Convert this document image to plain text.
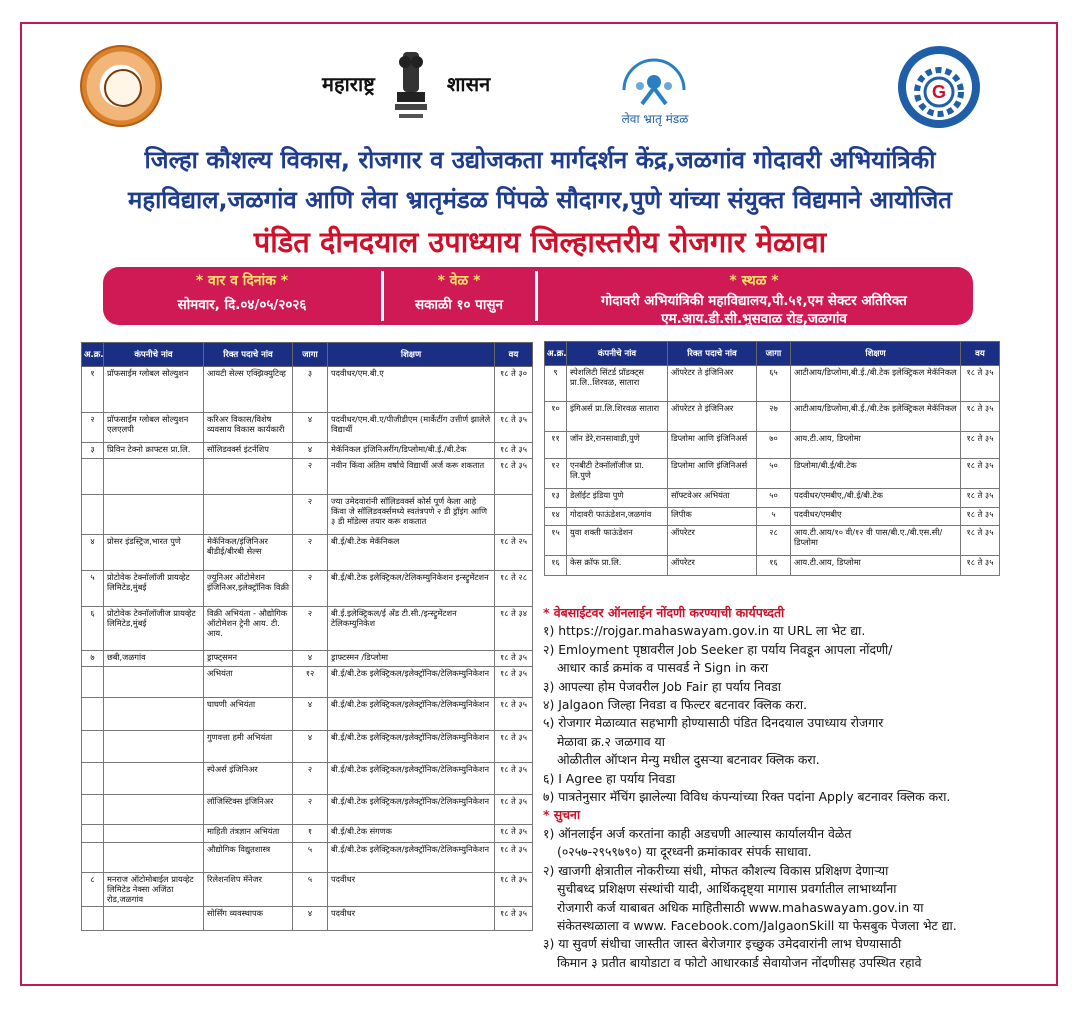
महाराष्ट्र	शासन
लेवा भ्रातृ मंडळ
G
जिल्हा कौशल्य विकास, रोजगार व उद्योजकता मार्गदर्शन केंद्र,जळगांव गोदावरी अभियांत्रिकी
महाविद्याल,जळगांव आणि लेवा भ्रातृमंडळ पिंपळे सौदागर,पुणे यांच्या संयुक्त विद्यमाने आयोजित
पंडित दीनदयाल उपाध्याय जिल्हास्तरीय रोजगार मेळावा
* वार व दिनांक *
सोमवार, दि.०४/०५/२०२६
* वेळ *
सकाळी १० पासुन
* स्थळ *
गोदावरी अभियांत्रिकी महाविद्यालय,पी.५१,एम सेक्टर अतिरिक्त
एम.आय.डी.सी.भुसवाळ रोड,जळगांव
अ.क्र.	कंपनीचे नांव	रिक्त पदाचे नांव	जागा	शिक्षण	वय
१	प्रॉफसाईम ग्लोबल सोल्युशन	आयटी सेल्स एक्झिक्युटिव्ह	३	पदवीधर/एम.बी.ए	१८ ते ३०
२	प्रॉफसाईम ग्लोबल सोल्युशन एलएलपी	करिअर विकास/विशेष व्यवसाय विकास कार्यकारी	४	पदवीधर/एम.बी.ए/पीजीडीएम (मार्केटींग उत्तीर्ण झालेले विद्यार्थी	१८ ते ३५
३	प्रिविन टेक्नो क्राफ्टस प्रा.लि.	सॉलिडवर्क्स इंटर्नशिप	४	मेकॅनिकल इंजिनिअरींग/डिप्लोमा/बी.ई./बी.टेक	१८ ते ३५
			२	नवीन किंवा अंतिम वर्षाचे विद्यार्थी अर्ज करू शकतात	१८ ते ३५
			२	ज्या उमेदवारांनी सॉलिडवर्क्स कोर्स पूर्ण केला आहे किंवा जे सॉलिडवर्क्समध्ये स्वतंत्रपणे २ डी ड्रॉइंग आणि ३ डी मॉडेल्स तयार करू शकतात	
४	प्रोसर इंडस्ट्रिज,भारत पुणे	मेकॅनिकल/इंजिनिअर बीडीई/बीरबी सेल्स	२	बी.ई/बी.टेक मेकॅनिकल	१८ ते २५
५	प्रोटोवेक टेक्नॉलॉजी प्रायव्हेट लिमिटेड,मुंबई	ज्युनिअर ऑटोमेशन इंजिनिअर,इलेक्ट्रॉनिक विक्री	२	बी.ई/बी.टेक इलेक्ट्रिकल/टेलिकम्युनिकेशन इन्स्ट्रुमेंटशन	१८ ते २८
६	प्रोटोवेक टेक्नॉलॉजीज प्रायव्हेट लिमिटेड,मुंबई	विक्री अभियंता - औद्योगिक ऑटोमेशन ट्रेनी आय. टी. आय.	२	बी.ई.इलेक्ट्रिकल/ई अँड टी.सी./इन्स्ट्रुमेंटशन टेलिकम्युनिकेश	१८ ते ३४
७	छबी,जळगांव	ड्राफ्ट्समन	४	ड्राफ्टस्मन /डिप्लोमा	१८ ते ३५
		अभियंता	१२	बी.ई/बी.टेक इलेक्ट्रिकल/इलेक्ट्रॉनिक/टेलिकम्युनिकेशन	१८ ते ३५
		घाघणी अभियंता	४	बी.ई/बी.टेक इलेक्ट्रिकल/इलेक्ट्रॉनिक/टेलिकम्युनिकेशन	१८ ते ३५
		गुणवत्ता हमी अभियंता	४	बी.ई/बी.टेक इलेक्ट्रिकल/इलेक्ट्रॉनिक/टेलिकम्युनिकेशन	१८ ते ३५
		स्पेअर्स इंजिनिअर	२	बी.ई/बी.टेक इलेक्ट्रिकल/इलेक्ट्रॉनिक/टेलिकम्युनिकेशन	१८ ते ३५
		लॉजिस्टिक्स इंजिनिअर	२	बी.ई/बी.टेक इलेक्ट्रिकल/इलेक्ट्रॉनिक/टेलिकम्युनिकेशन	१८ ते ३५
		माहिती तंत्रज्ञान अभियंता	१	बी.ई/बी.टेक संगणक	१८ ते ३५
		औद्योगिक विद्युतशास्त्र	५	बी.ई/बी.टेक इलेक्ट्रिकल/इलेक्ट्रॉनिक/टेलिकम्युनिकेशन	१८ ते ३५
८	मनराज ऑटोमोबाईल प्रायव्हेट लिमिटेड नेक्सा अजिंठा रोड,जळगांव	रिलेशनशिप मॅनेजर	५	पदवीधर	१८ ते ३५
		सोर्सिंग व्यवस्थापक	४	पदवीधर	१८ ते ३५
अ.क्र.	कंपनीचे नांव	रिक्त पदाचे नांव	जागा	शिक्षण	वय
९	स्पेशलिटी सिंटर्ड प्रॉडक्ट्स प्रा.लि..शिरवळ, सातारा	ऑपरेटर ते इंजिनिअर	६५	आटीआय/डिप्लोमा,बी.ई./बी.टेक इलेक्ट्रिकल मेकॅनिकल	१८ ते ३५
१०	इंगिअर्स प्रा.लि.शिरवळ सातारा	ऑपरेटर ते इंजिनिअर	२७	आटीआय/डिप्लोमा,बी.ई./बी.टेक इलेक्ट्रिकल मेकॅनिकल	१८ ते ३५
११	जॉन डेरे,रानसावाडी,पुणे	डिप्लोमा आणि इंजिनिअर्स	७०	आय.टी.आय, डिप्लोमा	१८ ते ३५
१२	एनबीटी टेक्नॉलॉजीज प्रा. लि.पुणे	डिप्लोमा आणि इंजिनिअर्स	५०	डिप्लोमा/बी.ई/बी.टेक	१८ ते ३५
१३	डेलॉईट इंडिया पुणे	सॉफ्टवेअर अभियंता	५०	पदवीधर/एमबीए,/बी.ई/बी.टेक	१८ ते ३५
१४	गोदावरी फाऊंडेशन,जळगांव	लिपीक	५	पदवीधर/एमबीए	१८ ते ३५
१५	युवा शक्ती फाऊंडेशन	ऑपरेटर	२८	आय.टी.आय/१० वी/१२ वी पास/बी.ए./बी.एस.सी/डिप्लोमा	१८ ते ३५
१६	केस क्रॉफ प्रा.लि.	ऑपरेटर	१६	आय.टी.आय, डिप्लोमा	१८ ते ३५
* वेबसाईटवर ऑनलाईन नोंदणी करण्याची कार्यपध्दती
१) https://rojgar.mahaswayam.gov.in या URL ला भेट द्या.
२) Emloyment पृष्ठावरील Job Seeker हा पर्याय निवडून आपला नोंदणी/
आधार कार्ड क्रमांक व पासवर्ड ने Sign in करा
३) आपल्या होम पेजवरील Job Fair हा पर्याय निवडा
४) Jalgaon जिल्हा निवडा व फिल्टर बटनावर क्लिक करा.
५) रोजगार मेळाव्यात सहभागी होण्यासाठी पंडित दिनदयाल उपाध्याय रोजगार
मेळावा क्र.२ जळगाव या
ओळीतील ऑप्शन मेन्यु मधील दुसऱ्या बटनावर क्लिक करा.
६) I Agree हा पर्याय निवडा
७) पात्रतेनुसार मॅचिंग झालेल्या विविध कंपन्यांच्या रिक्त पदांना Apply बटनावर क्लिक करा.
* सुचना
१) ऑनलाईन अर्ज करतांना काही अडचणी आल्यास कार्यालयीन वेळेत
(०२५७-२९५९७९०) या दूरध्वनी क्रमांकावर संपर्क साधावा.
२) खाजगी क्षेत्रातील नोकरीच्या संधी, मोफत कौशल्य विकास प्रशिक्षण देणाऱ्या
सुचीबध्द प्रशिक्षण संस्थांची यादी, आर्थिकदृष्ट्या मागास प्रवर्गातील लाभार्थ्यांना
रोजगारी कर्ज याबाबत अधिक माहितीसाठी www.mahaswayam.gov.in या
संकेतस्थळाला व www. Facebook.com/JalgaonSkill या फेसबुक पेजला भेट द्या.
३) या सुवर्ण संधीचा जास्तीत जास्त बेरोजगार इच्छुक उमेदवारांनी लाभ घेण्यासाठी
किमान ३ प्रतीत बायोडाटा व फोटो आधारकार्ड सेवायोजन नोंदणीसह उपस्थित रहावे
